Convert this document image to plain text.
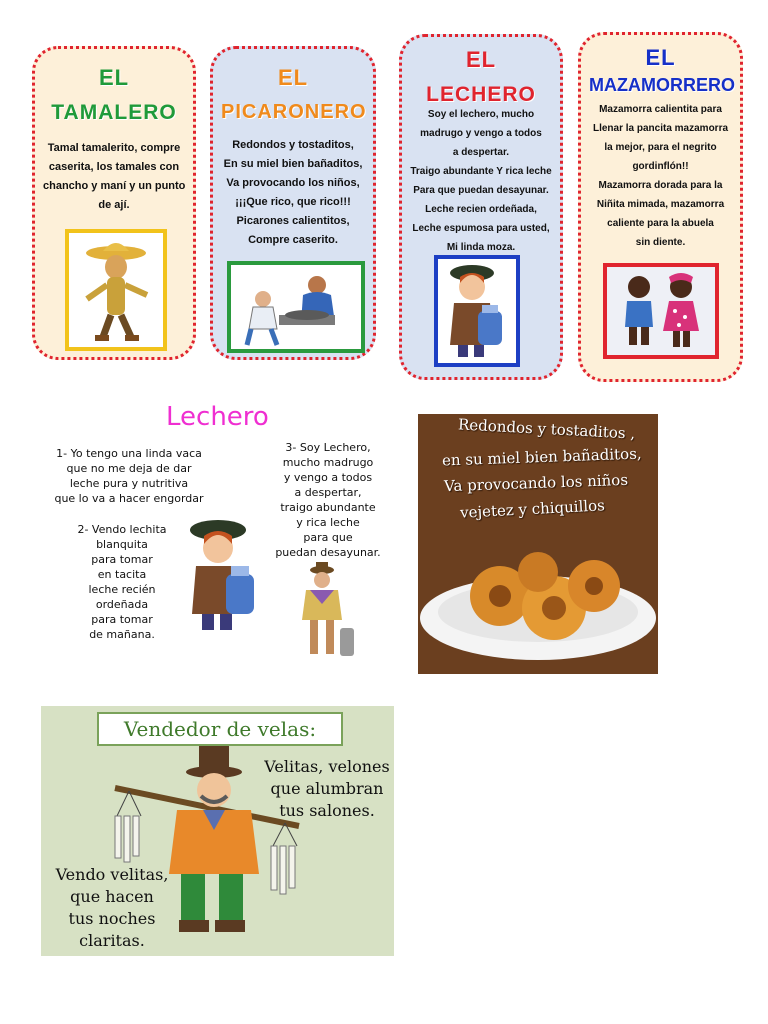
EL
TAMALERO
Tamal tamalerito, compre
caserita, los tamales con
chancho y maní y un punto
de ají.
EL
PICARONERO
Redondos y tostaditos,
En su miel bien bañaditos,
Va provocando los niños,
¡¡¡Que rico, que rico!!!
Picarones calientitos,
Compre caserito.
EL
LECHERO
Soy el lechero, mucho
madrugo y vengo a todos
a despertar.
Traigo abundante Y rica leche
Para que puedan desayunar.
Leche recien ordeñada,
Leche espumosa para usted,
Mi linda moza.
EL
MAZAMORRERO
Mazamorra calientita para
Llenar la pancita mazamorra
la mejor, para el negrito
gordinflón!!
Mazamorra dorada para la
Niñita mimada, mazamorra
caliente para la abuela
sin diente.
Lechero
1- Yo tengo una linda vaca
que no me deja de dar
leche pura y nutritiva
que lo va a hacer engordar
2- Vendo lechita
blanquita
para tomar
en tacita
leche recién
ordeñada
para tomar
de mañana.
3- Soy Lechero,
mucho madrugo
y vengo a todos
a despertar,
traigo abundante
y rica leche
para que
puedan desayunar.
Redondos y tostaditos ,
en su miel bien bañaditos,
Va provocando los niños
vejetez y chiquillos
Vendedor de velas:
Velitas, velones
que alumbran
tus salones.
Vendo velitas,
que hacen
tus noches
claritas.
